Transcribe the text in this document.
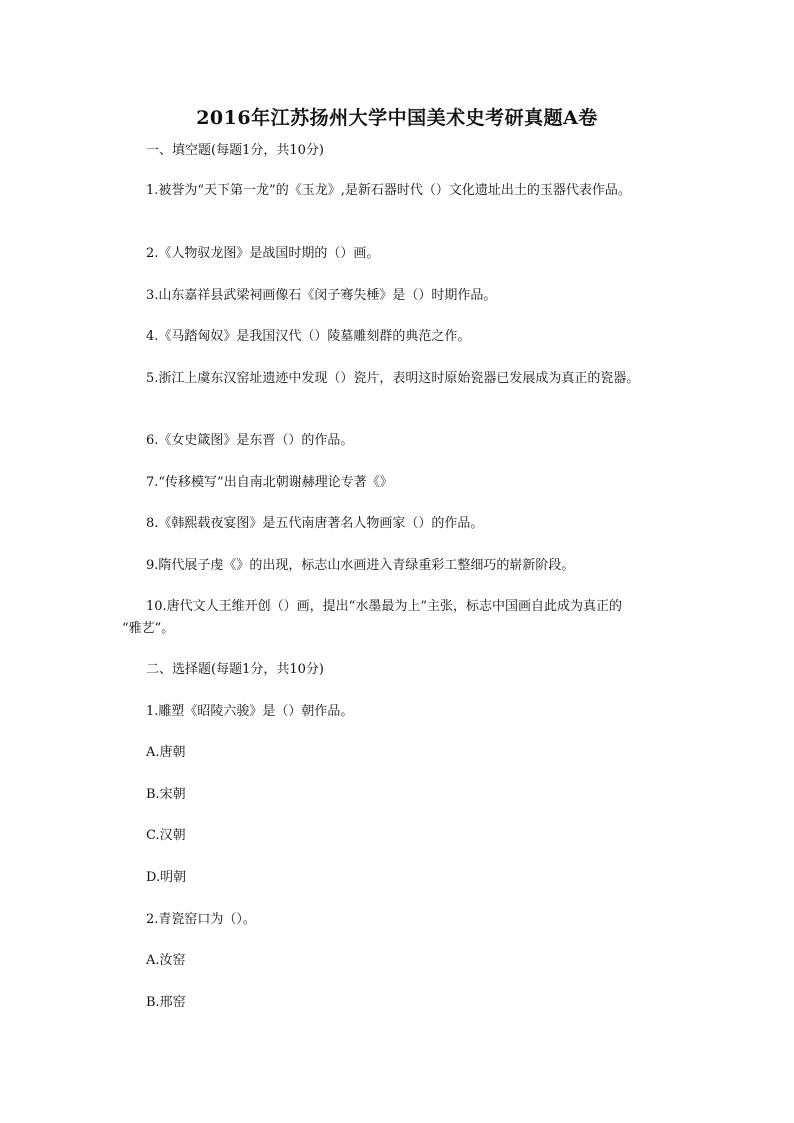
2016年江苏扬州大学中国美术史考研真题A卷
一、填空题(每题1分，共10分)
1.被誉为“天下第一龙”的《玉龙》,是新石器时代（）文化遗址出土的玉器代表作品。
2.《人物驭龙图》是战国时期的（）画。
3.山东嘉祥县武梁祠画像石《闵子骞失棰》是（）时期作品。
4.《马踏匈奴》是我国汉代（）陵墓雕刻群的典范之作。
5.浙江上虞东汉窑址遗迹中发现（）瓷片，表明这时原始瓷器已发展成为真正的瓷器。
6.《女史箴图》是东晋（）的作品。
7.“传移模写”出自南北朝谢赫理论专著《》
8.《韩熙载夜宴图》是五代南唐著名人物画家（）的作品。
9.隋代展子虔《》的出现，标志山水画进入青绿重彩工整细巧的崭新阶段。
10.唐代文人王维开创（）画，提出“水墨最为上”主张，标志中国画自此成为真正的
“雅艺”。
二、选择题(每题1分，共10分)
1.雕塑《昭陵六骏》是（）朝作品。
A.唐朝
B.宋朝
C.汉朝
D.明朝
2.青瓷窑口为（）。
A.汝窑
B.邢窑
